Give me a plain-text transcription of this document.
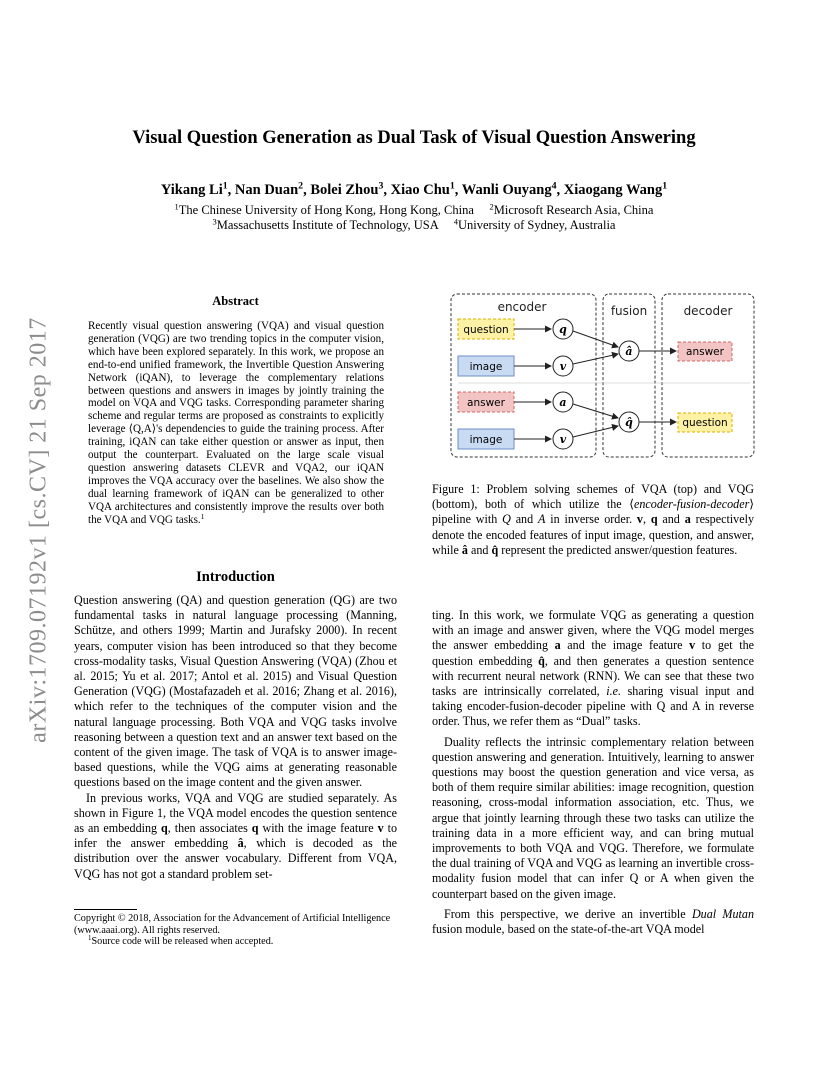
arXiv:1709.07192v1 [cs.CV] 21 Sep 2017
Visual Question Generation as Dual Task of Visual Question Answering
Yikang Li$^1$, Nan Duan$^2$, Bolei Zhou$^3$, Xiao Chu$^1$, Wanli Ouyang$^4$, Xiaogang Wang$^1$
$^1$The Chinese University of Hong Kong, Hong Kong, China $^2$Microsoft Research Asia, China
$^3$Massachusetts Institute of Technology, USA $^4$University of Sydney, Australia
Abstract
Recently visual question answering (VQA) and visual question generation (VQG) are two trending topics in the computer vision, which have been explored separately. In this work, we propose an end-to-end unified framework, the Invertible Question Answering Network (iQAN), to leverage the complementary relations between questions and answers in images by jointly training the model on VQA and VQG tasks. Corresponding parameter sharing scheme and regular terms are proposed as constraints to explicitly leverage ⟨Q,A⟩'s dependencies to guide the training process. After training, iQAN can take either question or answer as input, then output the counterpart. Evaluated on the large scale visual question answering datasets CLEVR and VQA2, our iQAN improves the VQA accuracy over the baselines. We also show the dual learning framework of iQAN can be generalized to other VQA architectures and consistently improve the results over both the VQA and VQG tasks.$^1$
Introduction

Question answering (QA) and question generation (QG) are two fundamental tasks in natural language processing (Manning, Schütze, and others 1999; Martin and Jurafsky 2000). In recent years, computer vision has been introduced so that they become cross-modality tasks, Visual Question Answering (VQA) (Zhou et al. 2015; Yu et al. 2017; Antol et al. 2015) and Visual Question Generation (VQG) (Mostafazadeh et al. 2016; Zhang et al. 2016), which refer to the techniques of the computer vision and the natural language processing. Both VQA and VQG tasks involve reasoning between a question text and an answer text based on the content of the given image. The task of VQA is to answer image-based questions, while the VQG aims at generating reasonable questions based on the image content and the given answer.

In previous works, VQA and VQG are studied separately. As shown in Figure 1, the VQA model encodes the question sentence as an embedding q, then associates q with the image feature v to infer the answer embedding â, which is decoded as the distribution over the answer vocabulary. Different from VQA, VQG has not got a standard problem set-

Copyright © 2018, Association for the Advancement of Artificial Intelligence (www.aaai.org). All rights reserved.
$^1$Source code will be released when accepted.
encoder	fusion	decoder
question
image
q
v
â	answer
answer
image
a
v
q̂	question
Figure 1: Problem solving schemes of VQA (top) and VQG (bottom), both of which utilize the ⟨encoder-fusion-decoder⟩ pipeline with Q and A in inverse order. v, q and a respectively denote the encoded features of input image, question, and answer, while â and q̂ represent the predicted answer/question features.

ting. In this work, we formulate VQG as generating a question with an image and answer given, where the VQG model merges the answer embedding a and the image feature v to get the question embedding q̂, and then generates a question sentence with recurrent neural network (RNN). We can see that these two tasks are intrinsically correlated, i.e. sharing visual input and taking encoder-fusion-decoder pipeline with Q and A in reverse order. Thus, we refer them as “Dual” tasks.

Duality reflects the intrinsic complementary relation between question answering and generation. Intuitively, learning to answer questions may boost the question generation and vice versa, as both of them require similar abilities: image recognition, question reasoning, cross-modal information association, etc. Thus, we argue that jointly learning through these two tasks can utilize the training data in a more efficient way, and can bring mutual improvements to both VQA and VQG. Therefore, we formulate the dual training of VQA and VQG as learning an invertible cross-modality fusion model that can infer Q or A when given the counterpart based on the given image.

From this perspective, we derive an invertible Dual Mutan fusion module, based on the state-of-the-art VQA model
